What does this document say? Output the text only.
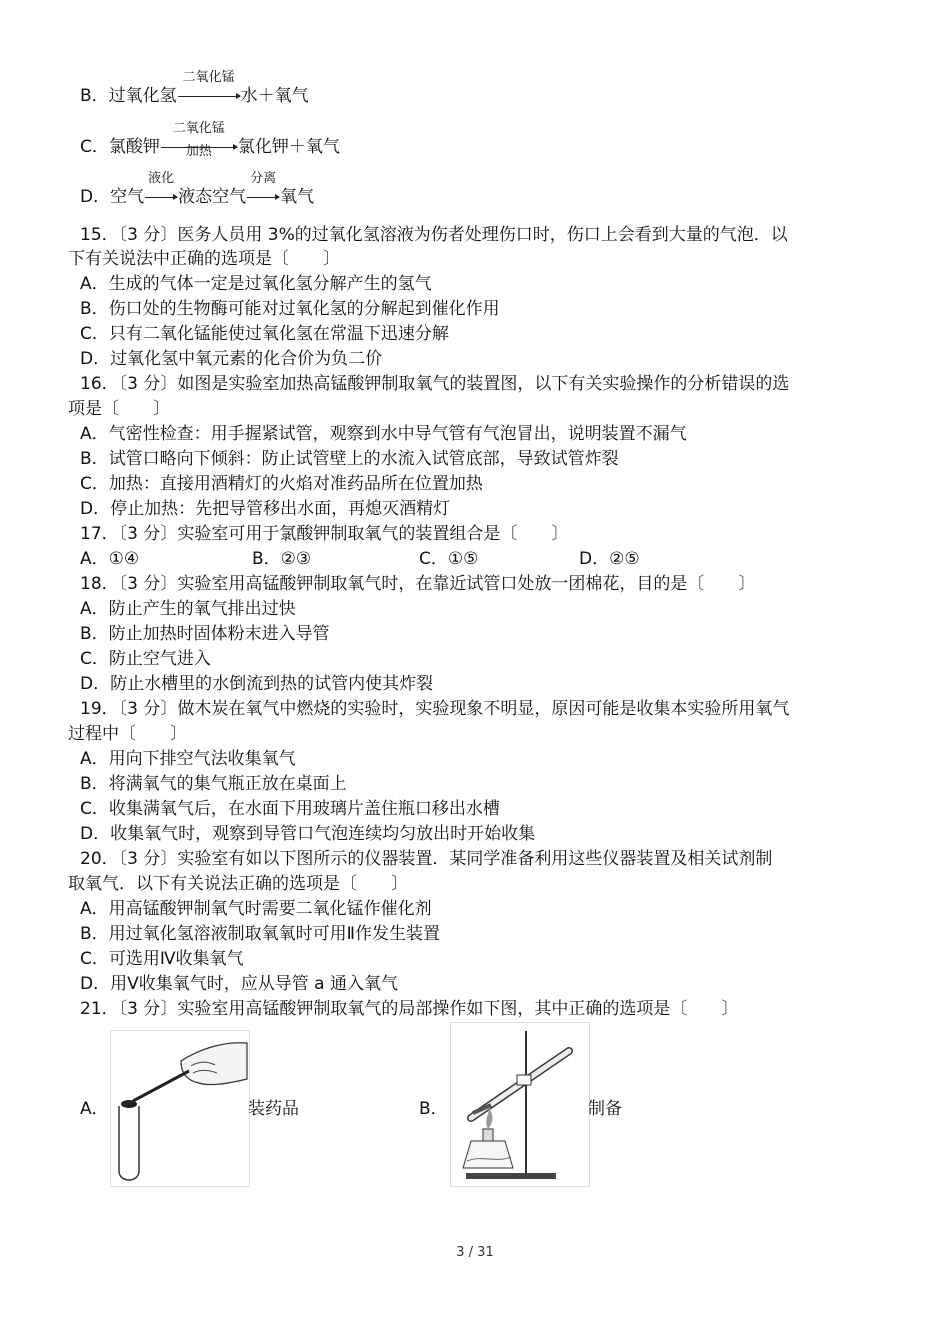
B．过氧化氢
二氧化锰
水＋氧气
C．氯酸钾
二氧化锰
加热	氯化钾＋氧气
D．空气
液化
液态空气
分离
氧气
15．〔3 分〕医务人员用 3%的过氧化氢溶液为伤者处理伤口时，伤口上会看到大量的气泡．以
下有关说法中正确的选项是〔　　〕
A．生成的气体一定是过氧化氢分解产生的氢气
B．伤口处的生物酶可能对过氧化氢的分解起到催化作用
C．只有二氧化锰能使过氧化氢在常温下迅速分解
D．过氧化氢中氧元素的化合价为负二价
16．〔3 分〕如图是实验室加热高锰酸钾制取氧气的装置图，以下有关实验操作的分析错误的选
项是〔　　〕
A．气密性检查：用手握紧试管，观察到水中导气管有气泡冒出，说明装置不漏气
B．试管口略向下倾斜：防止试管壁上的水流入试管底部，导致试管炸裂
C．加热：直接用酒精灯的火焰对准药品所在位置加热
D．停止加热：先把导管移出水面，再熄灭酒精灯
17．〔3 分〕实验室可用于氯酸钾制取氧气的装置组合是〔　　〕
A．①④	B．②③	C．①⑤	D．②⑤
18．〔3 分〕实验室用高锰酸钾制取氧气时，在靠近试管口处放一团棉花，目的是〔　　〕
A．防止产生的氧气排出过快
B．防止加热时固体粉末进入导管
C．防止空气进入
D．防止水槽里的水倒流到热的试管内使其炸裂
19．〔3 分〕做木炭在氧气中燃烧的实验时，实验现象不明显，原因可能是收集本实验所用氧气
过程中〔　　〕
A．用向下排空气法收集氧气
B．将满氧气的集气瓶正放在桌面上
C．收集满氧气后，在水面下用玻璃片盖住瓶口移出水槽
D．收集氧气时，观察到导管口气泡连续均匀放出时开始收集
20．〔3 分〕实验室有如以下图所示的仪器装置．某同学准备利用这些仪器装置及相关试剂制
取氧气．以下有关说法正确的选项是〔　　〕
A．用高锰酸钾制氧气时需要二氧化锰作催化剂
B．用过氧化氢溶液制取氧氧时可用Ⅱ作发生装置
C．可选用Ⅳ收集氧气
D．用Ⅴ收集氧气时，应从导管 a 通入氧气
21．〔3 分〕实验室用高锰酸钾制取氧气的局部操作如下图，其中正确的选项是〔　　〕
A．	装药品	B．	制备
3 / 31
